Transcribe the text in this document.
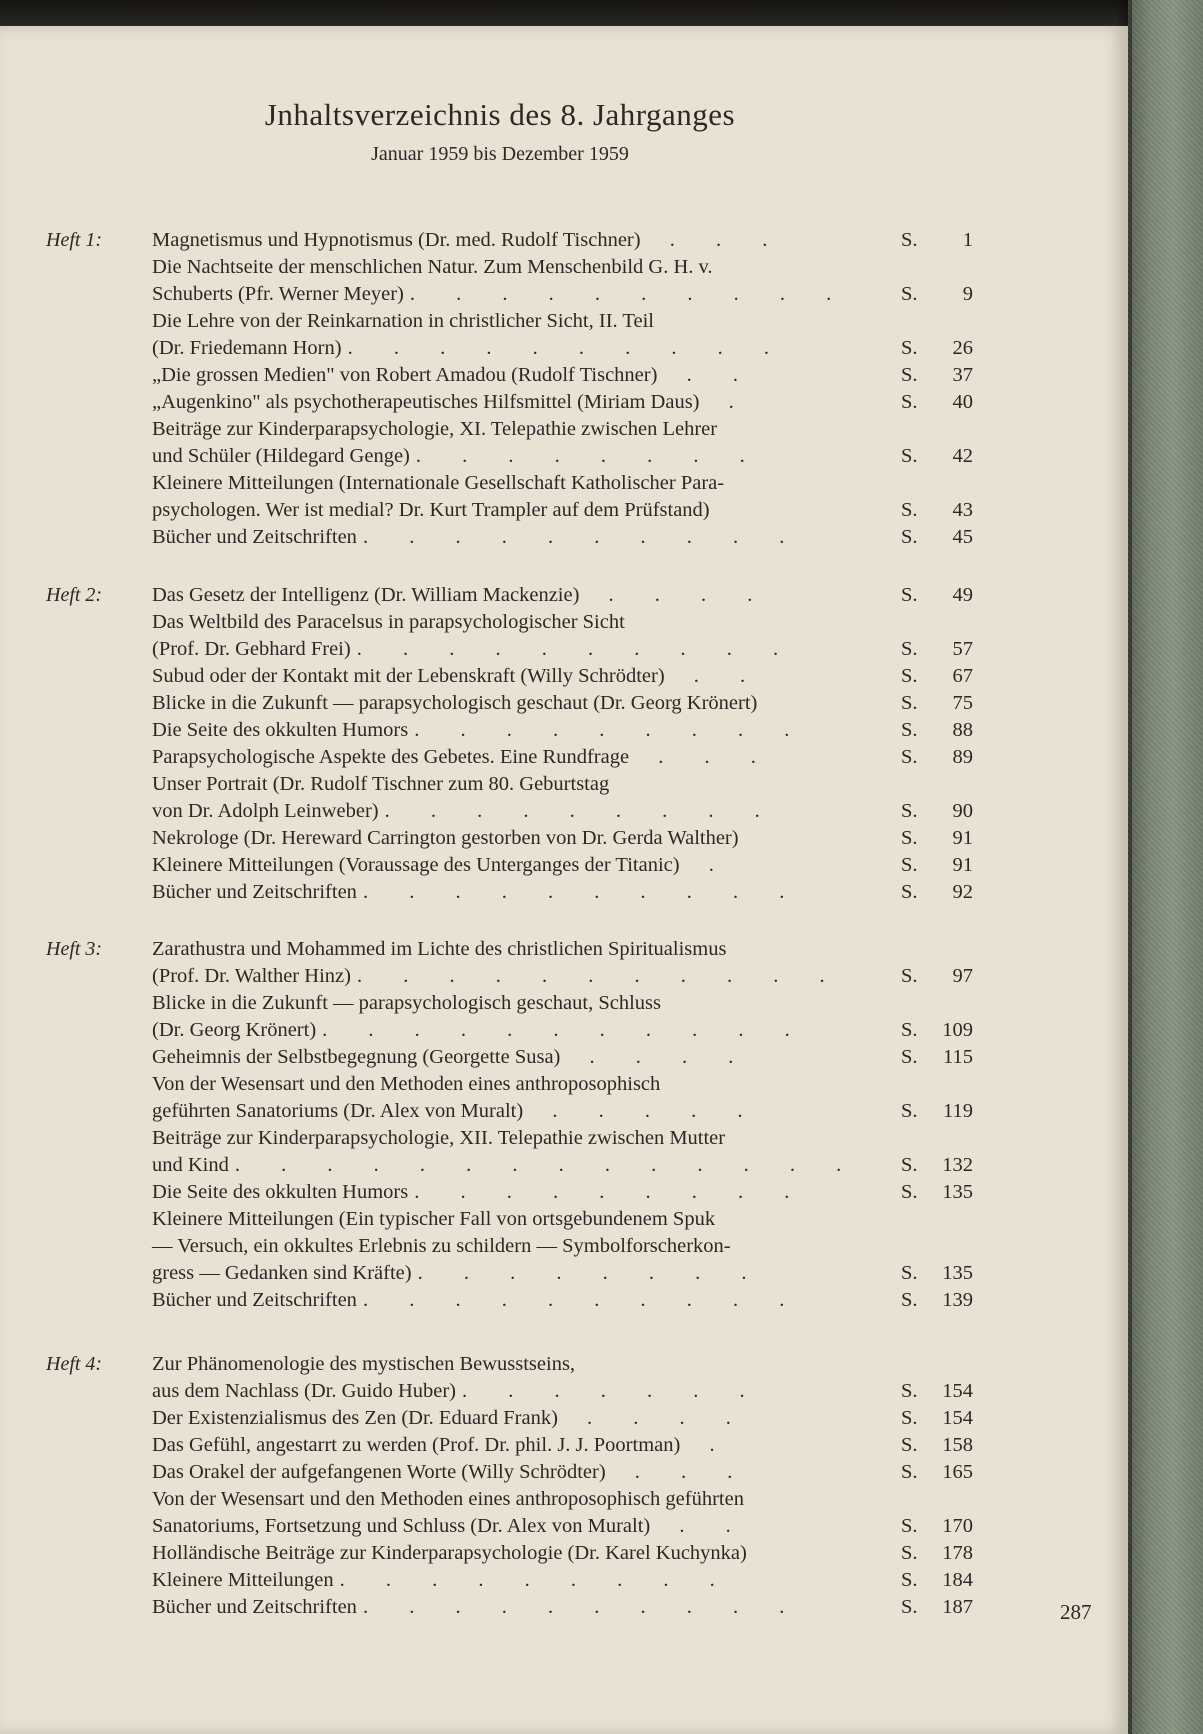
Jnhaltsverzeichnis des 8. Jahrganges
Januar 1959 bis Dezember 1959
Heft 1: Magnetismus und Hypnotismus (Dr. med. Rudolf Tischner) . . .	S. 1
Die Nachtseite der menschlichen Natur. Zum Menschenbild G. H. v.
Schuberts (Pfr. Werner Meyer) . . . . . . . . . .	S. 9
Die Lehre von der Reinkarnation in christlicher Sicht, II. Teil
(Dr. Friedemann Horn) . . . . . . . . . .	S. 26
„Die grossen Medien" von Robert Amadou (Rudolf Tischner) . .	S. 37
„Augenkino" als psychotherapeutisches Hilfsmittel (Miriam Daus) .	S. 40
Beiträge zur Kinderparapsychologie, XI. Telepathie zwischen Lehrer
und Schüler (Hildegard Genge) . . . . . . . .	S. 42
Kleinere Mitteilungen (Internationale Gesellschaft Katholischer Para-
psychologen. Wer ist medial? Dr. Kurt Trampler auf dem Prüfstand)	S. 43
Bücher und Zeitschriften . . . . . . . . . .	S. 45
Heft 2: Das Gesetz der Intelligenz (Dr. William Mackenzie) . . . .	S. 49
Das Weltbild des Paracelsus in parapsychologischer Sicht
(Prof. Dr. Gebhard Frei) . . . . . . . . . .	S. 57
Subud oder der Kontakt mit der Lebenskraft (Willy Schrödter) . .	S. 67
Blicke in die Zukunft — parapsychologisch geschaut (Dr. Georg Krönert)	S. 75
Die Seite des okkulten Humors . . . . . . . . .	S. 88
Parapsychologische Aspekte des Gebetes. Eine Rundfrage . . .	S. 89
Unser Portrait (Dr. Rudolf Tischner zum 80. Geburtstag
von Dr. Adolph Leinweber) . . . . . . . . .	S. 90
Nekrologe (Dr. Hereward Carrington gestorben von Dr. Gerda Walther)	S. 91
Kleinere Mitteilungen (Voraussage des Unterganges der Titanic) .	S. 91
Bücher und Zeitschriften . . . . . . . . . .	S. 92
Heft 3: Zarathustra und Mohammed im Lichte des christlichen Spiritualismus
(Prof. Dr. Walther Hinz) . . . . . . . . . . .	S. 97
Blicke in die Zukunft — parapsychologisch geschaut, Schluss
(Dr. Georg Krönert) . . . . . . . . . . .	S. 109
Geheimnis der Selbstbegegnung (Georgette Susa) . . . .	S. 115
Von der Wesensart und den Methoden eines anthroposophisch
geführten Sanatoriums (Dr. Alex von Muralt) . . . . .	S. 119
Beiträge zur Kinderparapsychologie, XII. Telepathie zwischen Mutter
und Kind . . . . . . . . . . . . . . S. 132
Die Seite des okkulten Humors . . . . . . . . .	S. 135
Kleinere Mitteilungen (Ein typischer Fall von ortsgebundenem Spuk
— Versuch, ein okkultes Erlebnis zu schildern — Symbolforscherkon-
gress — Gedanken sind Kräfte) . . . . . . . .	S. 135
Bücher und Zeitschriften . . . . . . . . . .	S. 139
Heft 4: Zur Phänomenologie des mystischen Bewusstseins,
aus dem Nachlass (Dr. Guido Huber) . . . . . . .	S. 154
Der Existenzialismus des Zen (Dr. Eduard Frank) . . . .	S. 154
Das Gefühl, angestarrt zu werden (Prof. Dr. phil. J. J. Poortman) .	S. 158
Das Orakel der aufgefangenen Worte (Willy Schrödter) . . .	S. 165
Von der Wesensart und den Methoden eines anthroposophisch geführten
Sanatoriums, Fortsetzung und Schluss (Dr. Alex von Muralt) . .	S. 170
Holländische Beiträge zur Kinderparapsychologie (Dr. Karel Kuchynka)	S. 178
Kleinere Mitteilungen . . . . . . . . .	S. 184
Bücher und Zeitschriften . . . . . . . . . .	S. 187	287
